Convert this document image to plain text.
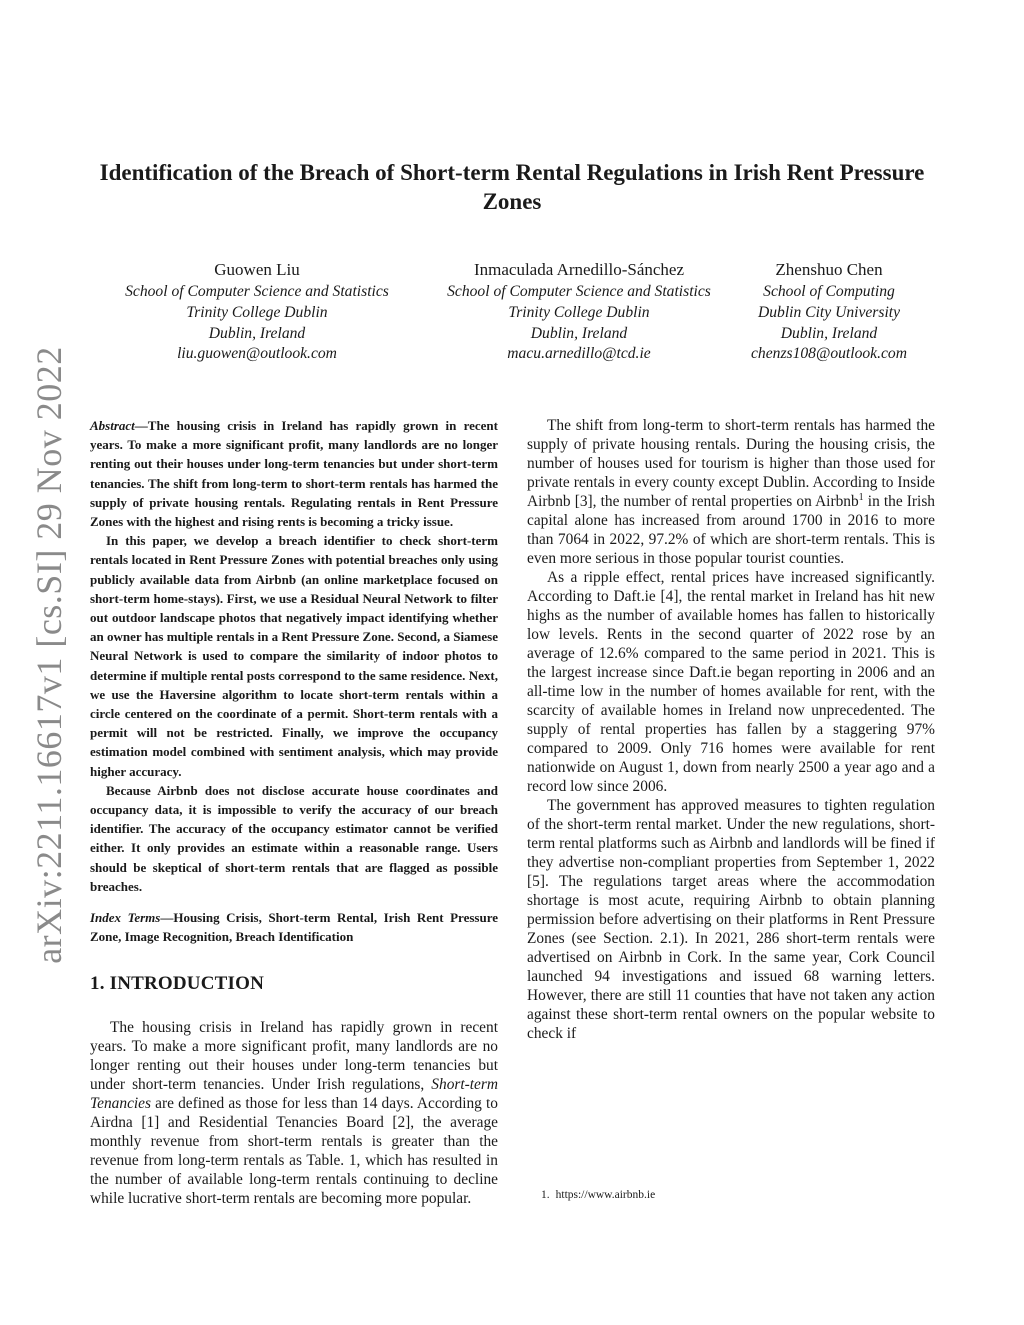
arXiv:2211.16617v1 [cs.SI] 29 Nov 2022
Identification of the Breach of Short-term Rental Regulations in Irish Rent Pressure Zones
Guowen Liu
School of Computer Science and Statistics
Trinity College Dublin
Dublin, Ireland
liu.guowen@outlook.com
Inmaculada Arnedillo-Sánchez
School of Computer Science and Statistics
Trinity College Dublin
Dublin, Ireland
macu.arnedillo@tcd.ie
Zhenshuo Chen
School of Computing
Dublin City University
Dublin, Ireland
chenzs108@outlook.com

Abstract—The housing crisis in Ireland has rapidly grown in recent years. To make a more significant profit, many landlords are no longer renting out their houses under long-term tenancies but under short-term tenancies. The shift from long-term to short-term rentals has harmed the supply of private housing rentals. Regulating rentals in Rent Pressure Zones with the highest and rising rents is becoming a tricky issue.

In this paper, we develop a breach identifier to check short-term rentals located in Rent Pressure Zones with potential breaches only using publicly available data from Airbnb (an online marketplace focused on short-term home-stays). First, we use a Residual Neural Network to filter out outdoor landscape photos that negatively impact identifying whether an owner has multiple rentals in a Rent Pressure Zone. Second, a Siamese Neural Network is used to compare the similarity of indoor photos to determine if multiple rental posts correspond to the same residence. Next, we use the Haversine algorithm to locate short-term rentals within a circle centered on the coordinate of a permit. Short-term rentals with a permit will not be restricted. Finally, we improve the occupancy estimation model combined with sentiment analysis, which may provide higher accuracy.

Because Airbnb does not disclose accurate house coordinates and occupancy data, it is impossible to verify the accuracy of our breach identifier. The accuracy of the occupancy estimator cannot be verified either. It only provides an estimate within a reasonable range. Users should be skeptical of short-term rentals that are flagged as possible breaches.

Index Terms—Housing Crisis, Short-term Rental, Irish Rent Pressure Zone, Image Recognition, Breach Identification

1. INTRODUCTION

The housing crisis in Ireland has rapidly grown in recent years. To make a more significant profit, many landlords are no longer renting out their houses under long-term tenancies but under short-term tenancies. Under Irish regulations, Short-term Tenancies are defined as those for less than 14 days. According to Airdna [1] and Residential Tenancies Board [2], the average monthly revenue from short-term rentals is greater than the revenue from long-term rentals as Table. 1, which has resulted in the number of available long-term rentals continuing to decline while lucrative short-term rentals are becoming more popular.

The shift from long-term to short-term rentals has harmed the supply of private housing rentals. During the housing crisis, the number of houses used for tourism is higher than those used for private rentals in every county except Dublin. According to Inside Airbnb [3], the number of rental properties on Airbnb$^1$ in the Irish capital alone has increased from around 1700 in 2016 to more than 7064 in 2022, 97.2% of which are short-term rentals. This is even more serious in those popular tourist counties.

As a ripple effect, rental prices have increased significantly. According to Daft.ie [4], the rental market in Ireland has hit new highs as the number of available homes has fallen to historically low levels. Rents in the second quarter of 2022 rose by an average of 12.6% compared to the same period in 2021. This is the largest increase since Daft.ie began reporting in 2006 and an all-time low in the number of homes available for rent, with the scarcity of available homes in Ireland now unprecedented. The supply of rental properties has fallen by a staggering 97% compared to 2009. Only 716 homes were available for rent nationwide on August 1, down from nearly 2500 a year ago and a record low since 2006.

The government has approved measures to tighten regulation of the short-term rental market. Under the new regulations, short-term rental platforms such as Airbnb and landlords will be fined if they advertise non-compliant properties from September 1, 2022 [5]. The regulations target areas where the accommodation shortage is most acute, requiring Airbnb to obtain planning permission before advertising on their platforms in Rent Pressure Zones (see Section. 2.1). In 2021, 286 short-term rentals were advertised on Airbnb in Cork. In the same year, Cork Council launched 94 investigations and issued 68 warning letters. However, there are still 11 counties that have not taken any action against these short-term rental owners on the popular website to check if

1. https://www.airbnb.ie
